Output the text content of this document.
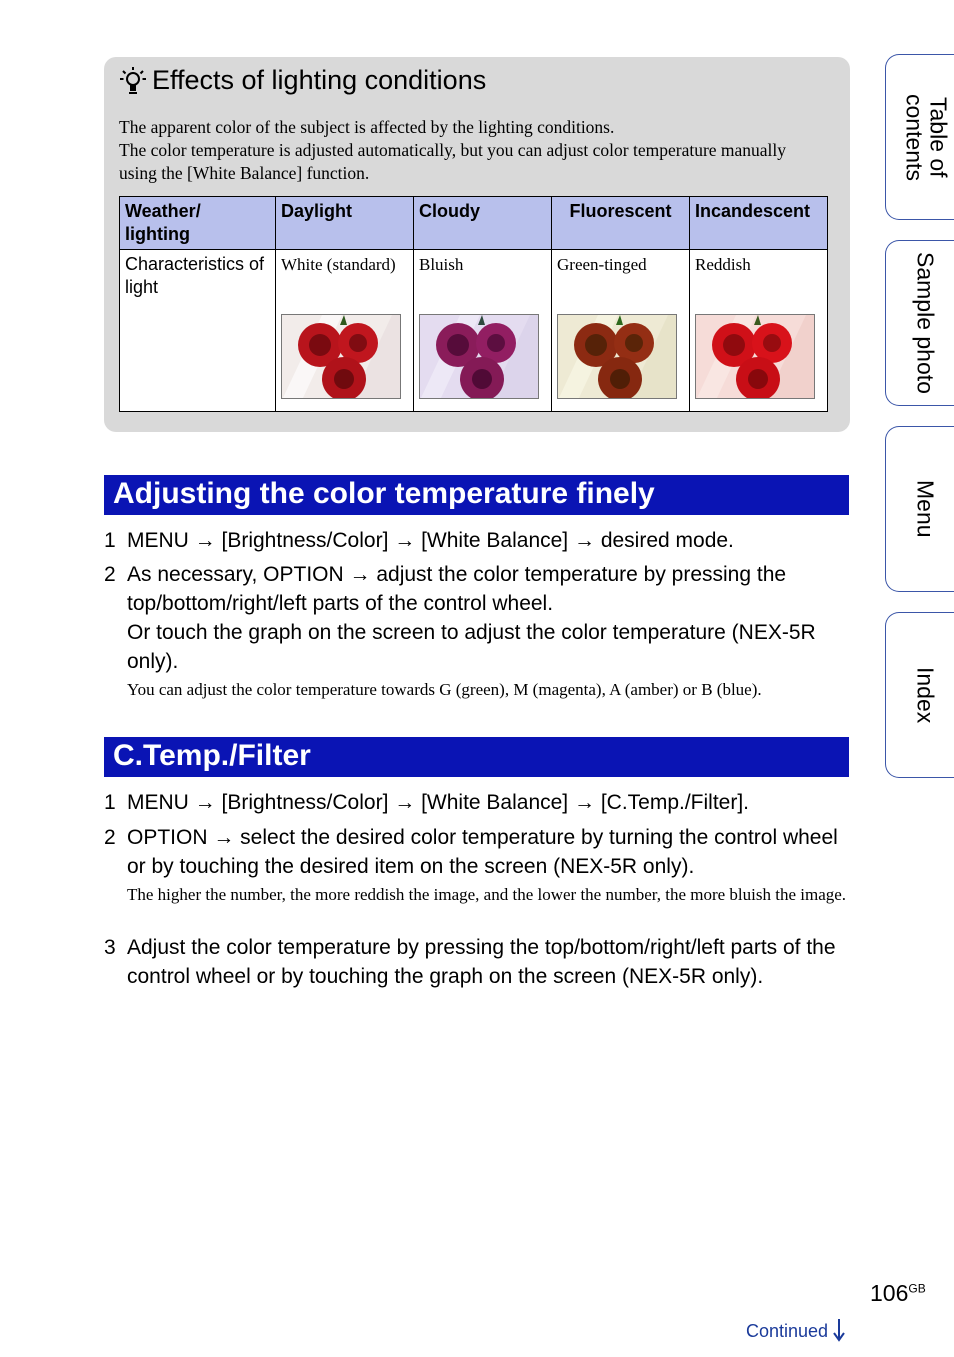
Effects of lighting conditions
The apparent color of the subject is affected by the lighting conditions.
The color temperature is adjusted automatically, but you can adjust color temperature manually using the [White Balance] function.
Weather/ lighting	Daylight	Cloudy	Fluorescent	Incandescent
Characteristics of light	White (standard)	Bluish	Green-tinged	Reddish
Adjusting the color temperature finely
1 MENU → [Brightness/Color] → [White Balance] → desired mode.
2 As necessary, OPTION → adjust the color temperature by pressing the top/bottom/right/left parts of the control wheel.
Or touch the graph on the screen to adjust the color temperature (NEX-5R only).
You can adjust the color temperature towards G (green), M (magenta), A (amber) or B (blue).
C.Temp./Filter
1 MENU → [Brightness/Color] → [White Balance] → [C.Temp./Filter].
2 OPTION → select the desired color temperature by turning the control wheel or by touching the desired item on the screen (NEX-5R only).
The higher the number, the more reddish the image, and the lower the number, the more bluish the image.
3 Adjust the color temperature by pressing the top/bottom/right/left parts of the control wheel or by touching the graph on the screen (NEX-5R only).
Table of contents
Sample photo
Menu
Index
$106^{GB}$
Continued
